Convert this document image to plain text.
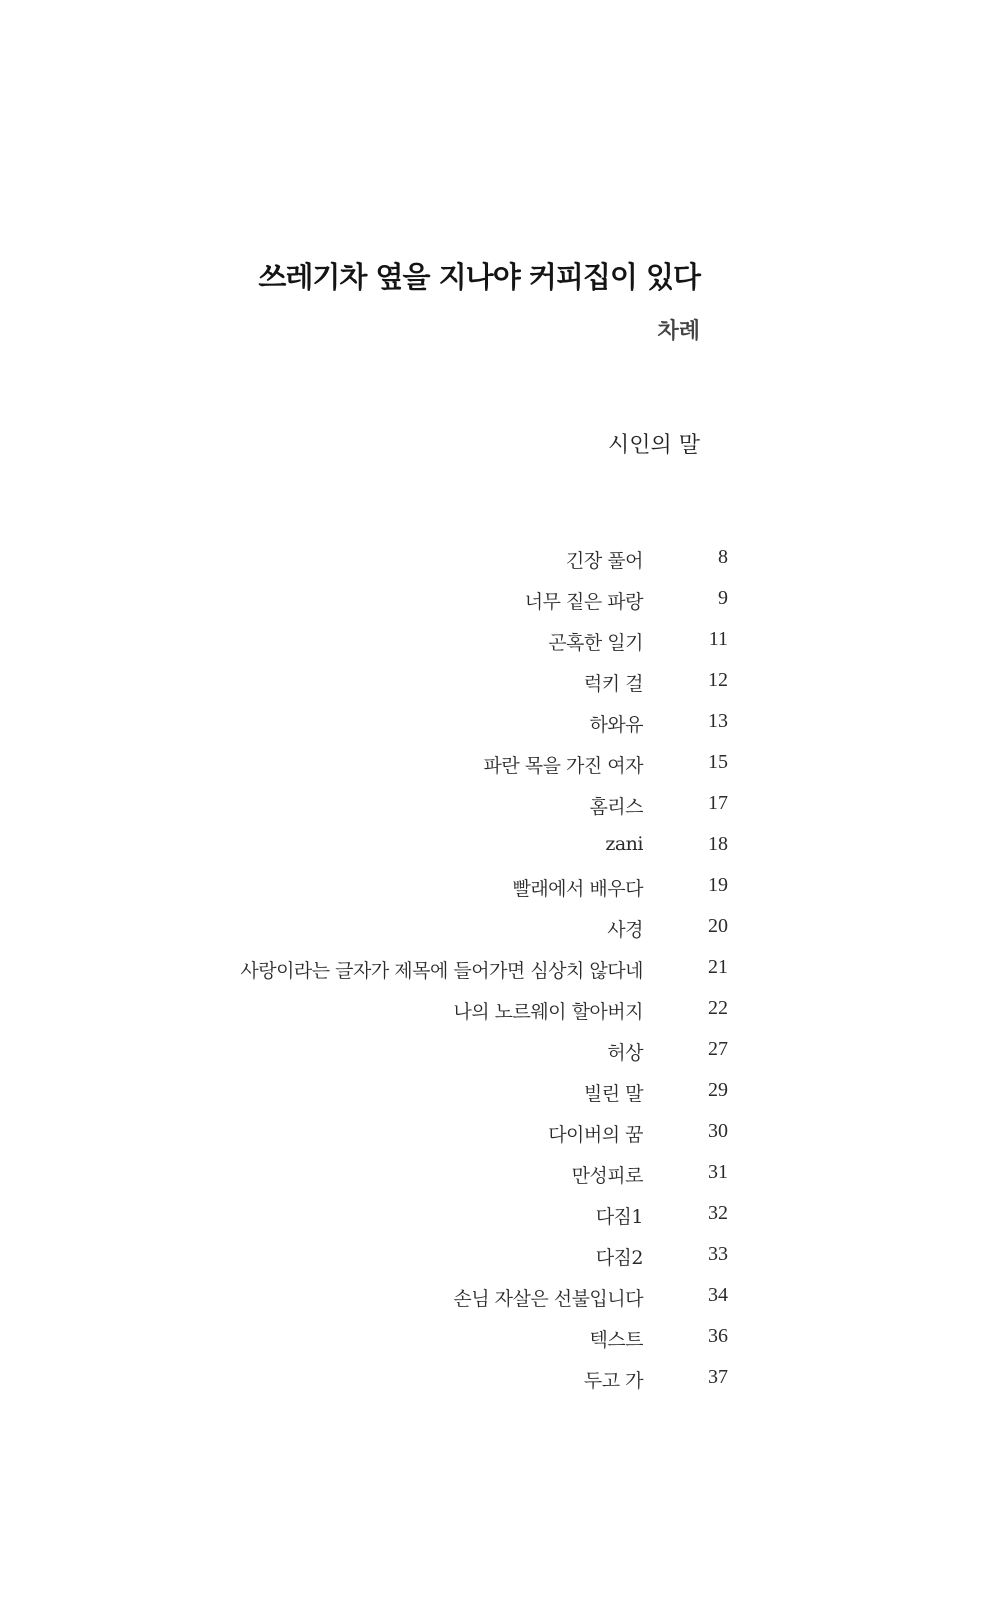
쓰레기차 옆을 지나야 커피집이 있다
차례
시인의 말
긴장 풀어	8
너무 짙은 파랑	9
곤혹한 일기	11
럭키 걸	12
하와유	13
파란 목을 가진 여자	15
홈리스	17
zani	18
빨래에서 배우다	19
사경	20
사랑이라는 글자가 제목에 들어가면 심상치 않다네	21
나의 노르웨이 할아버지	22
허상	27
빌린 말	29
다이버의 꿈	30
만성피로	31
다짐1	32
다짐2	33
손님 자살은 선불입니다	34
텍스트	36
두고 가	37
